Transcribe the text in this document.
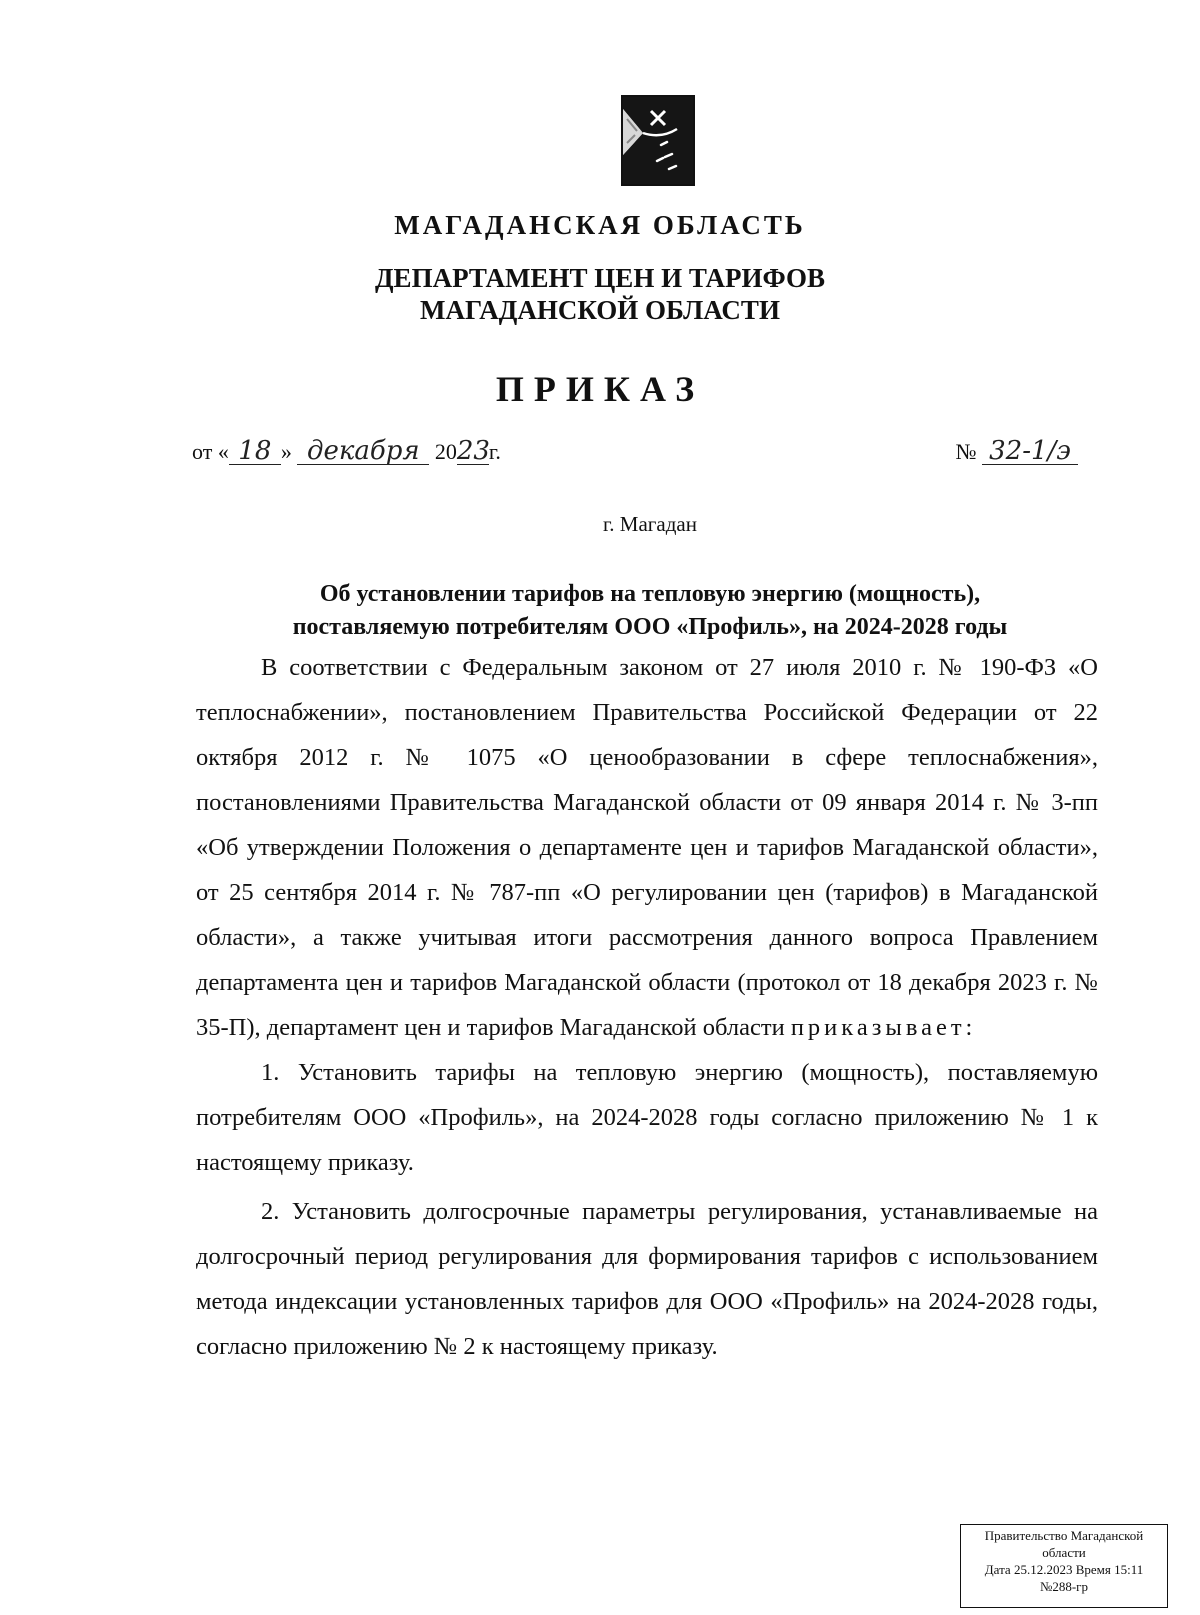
МАГАДАНСКАЯ ОБЛАСТЬ
ДЕПАРТАМЕНТ ЦЕН И ТАРИФОВ
МАГАДАНСКОЙ ОБЛАСТИ
ПРИКАЗ
от « 18 » декабря 2023г.	№ 32-1/э
г. Магадан
Об установлении тарифов на тепловую энергию (мощность),
поставляемую потребителям ООО «Профиль», на 2024-2028 годы

В соответствии с Федеральным законом от 27 июля 2010 г. № 190-ФЗ «О теплоснабжении», постановлением Правительства Российской Федерации от 22 октября 2012 г. № 1075 «О ценообразовании в сфере теплоснабжения», постановлениями Правительства Магаданской области от 09 января 2014 г. № 3-пп «Об утверждении Положения о департаменте цен и тарифов Магаданской области», от 25 сентября 2014 г. № 787-пп «О регулировании цен (тарифов) в Магаданской области», а также учитывая итоги рассмотрения данного вопроса Правлением департамента цен и тарифов Магаданской области (протокол от 18 декабря 2023 г. № 35-П), департамент цен и тарифов Магаданской области приказывает:

1. Установить тарифы на тепловую энергию (мощность), поставляемую потребителям ООО «Профиль», на 2024-2028 годы согласно приложению № 1 к настоящему приказу.

2. Установить долгосрочные параметры регулирования, устанавливаемые на долгосрочный период регулирования для формирования тарифов с использованием метода индексации установленных тарифов для ООО «Профиль» на 2024-2028 годы, согласно приложению № 2 к настоящему приказу.

Правительство Магаданской
области
Дата 25.12.2023 Время 15:11
№288-гр
